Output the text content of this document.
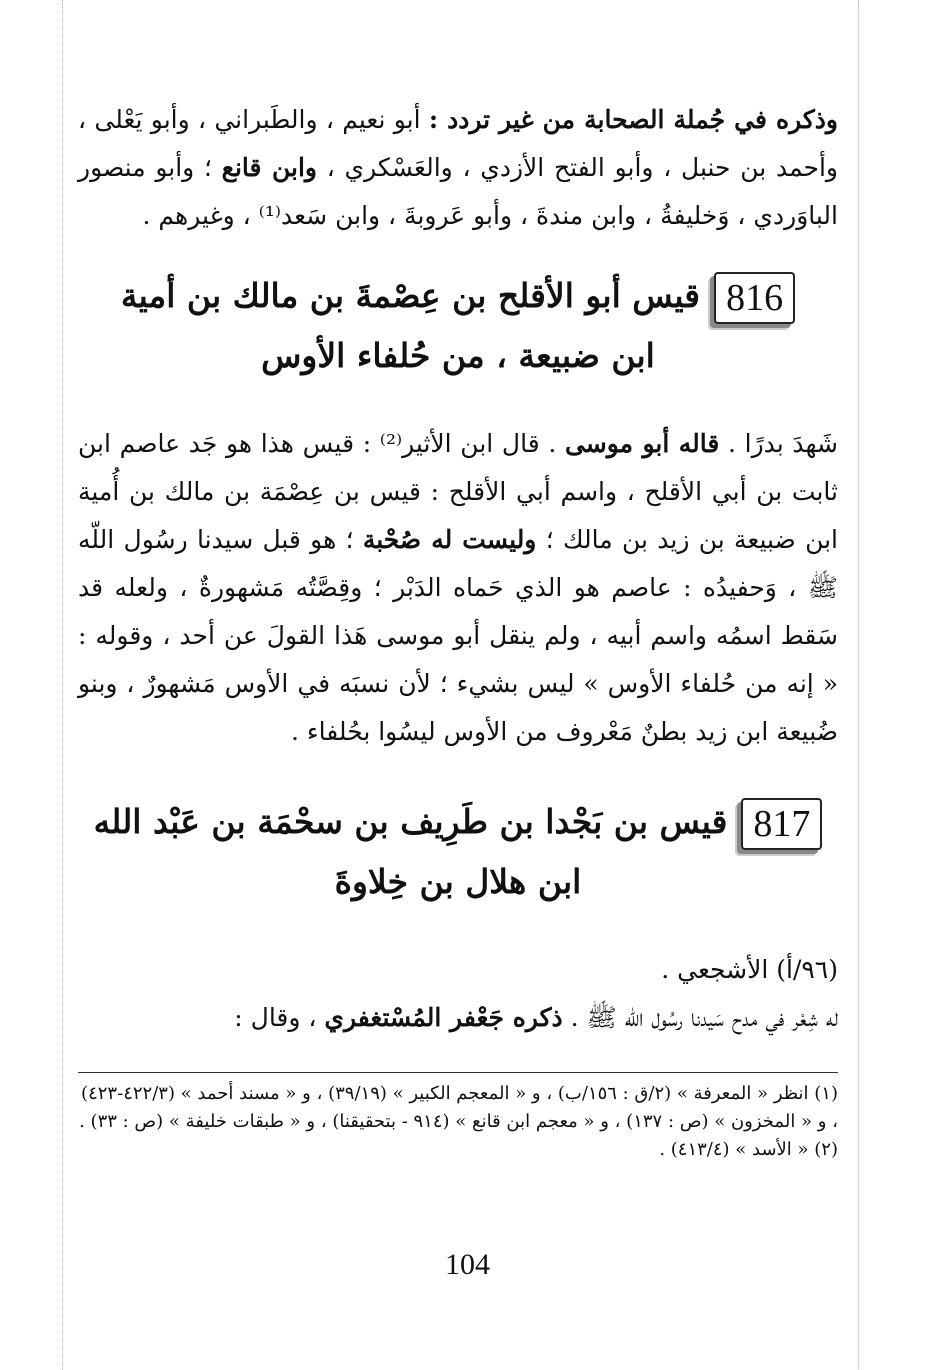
وذكره في جُملة الصحابة من غير تردد : أبو نعيم ، والطَبراني ، وأبو يَعْلى ، وأحمد بن حنبل ، وأبو الفتح الأزدي ، والعَسْكري ، وابن قانع ؛ وأبو منصور الباوَردي ، وَخليفةُ ، وابن مندةَ ، وأبو عَروبةَ ، وابن سَعد⁽¹⁾ ، وغيرهم .

816قيس أبو الأقلح بن عِصْمةَ بن مالك بن أمية
ابن ضبيعة ، من حُلفاء الأوس

شَهدَ بدرًا . قاله أبو موسى . قال ابن الأثير⁽²⁾ : قيس هذا هو جَد عاصم ابن ثابت بن أبي الأقلح ، واسم أبي الأقلح : قيس بن عِصْمَة بن مالك بن أُمية ابن ضبيعة بن زيد بن مالك ؛ وليست له صُحْبة ؛ هو قبل سيدنا رسُول اللّه ﷺ ، وَحفيدُه : عاصم هو الذي حَماه الدَبْر ؛ وقِصَّتُه مَشهورةٌ ، ولعله قد سَقط اسمُه واسم أبيه ، ولم ينقل أبو موسى هَذا القولَ عن أحد ، وقوله : « إنه من حُلفاء الأوس » ليس بشيء ؛ لأن نسبَه في الأوس مَشهورٌ ، وبنو ضُبيعة ابن زيد بطنٌ مَعْروف من الأوس ليسُوا بحُلفاء .

817قيس بن بَجْدا بن طَرِيف بن سحْمَة بن عَبْد الله
ابن هلال بن خِلاوةَ

(٩٦/أ) الأشجعي .

له شِعْر في مدح سَيدنا رسُول اللّه ﷺ . ذكره جَعْفر المُسْتغفري ، وقال :

(١) انظر « المعرفة » (٢/ق : ١٥٦/ب) ، و « المعجم الكبير » (٣٩/١٩) ، و « مسند أحمد » (٤٢٢/٣-٤٢٣) ، و « المخزون » (ص : ١٣٧) ، و « معجم ابن قانع » (٩١٤ - بتحقيقنا) ، و « طبقات خليفة » (ص : ٣٣) .

(٢) « الأسد » (٤١٣/٤) .

104
